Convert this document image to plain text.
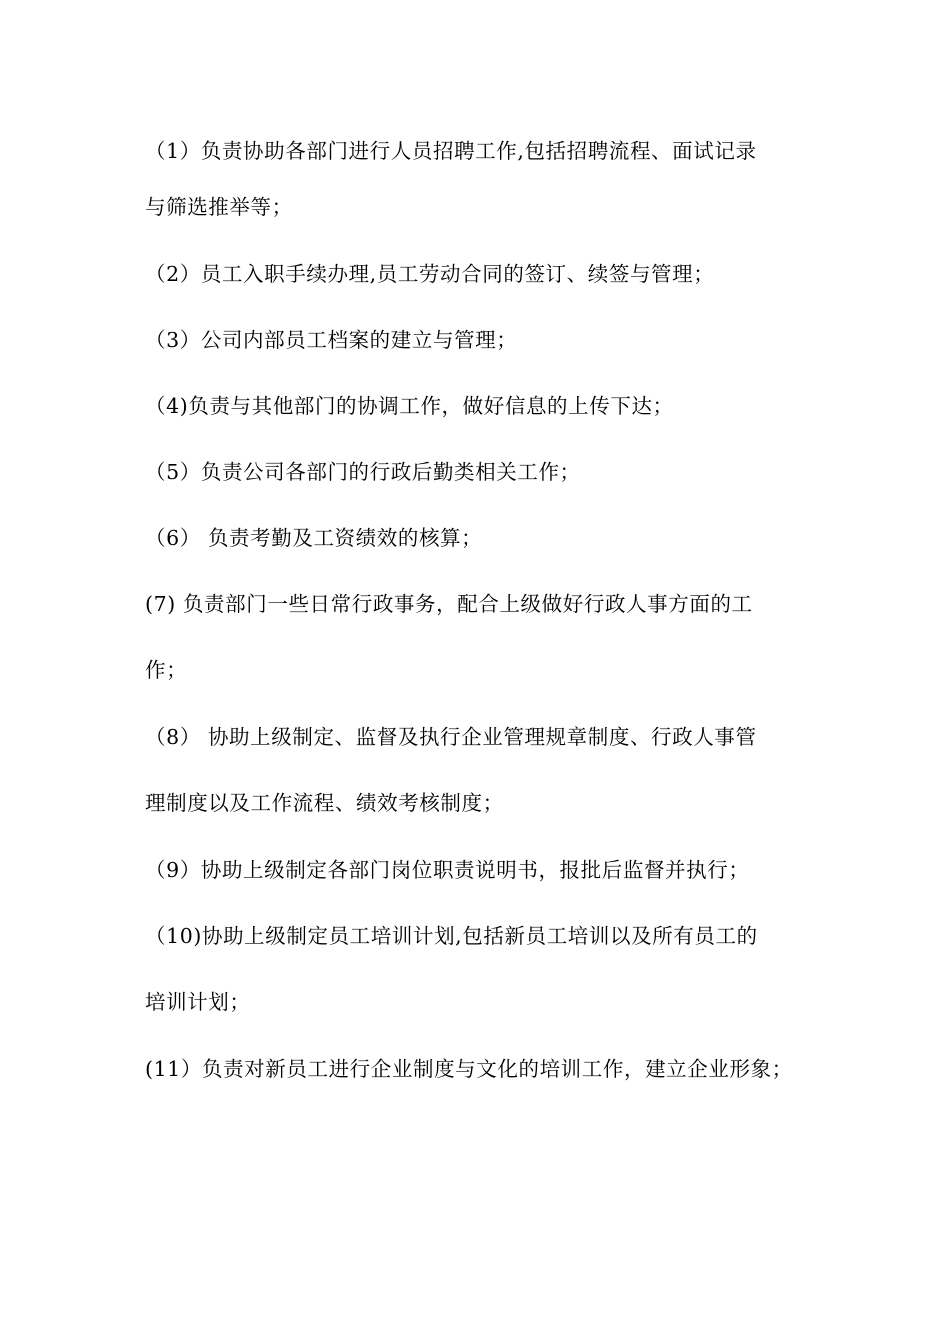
（1）负责协助各部门进行人员招聘工作,包括招聘流程、面试记录
与筛选推举等；
（2）员工入职手续办理,员工劳动合同的签订、续签与管理；
（3）公司内部员工档案的建立与管理；
（4)负责与其他部门的协调工作，做好信息的上传下达；
（5）负责公司各部门的行政后勤类相关工作；
（6） 负责考勤及工资绩效的核算；
(7) 负责部门一些日常行政事务，配合上级做好行政人事方面的工
作；
（8） 协助上级制定、监督及执行企业管理规章制度、行政人事管
理制度以及工作流程、绩效考核制度；
（9）协助上级制定各部门岗位职责说明书，报批后监督并执行；
（10)协助上级制定员工培训计划,包括新员工培训以及所有员工的
培训计划；
(11）负责对新员工进行企业制度与文化的培训工作，建立企业形象；
